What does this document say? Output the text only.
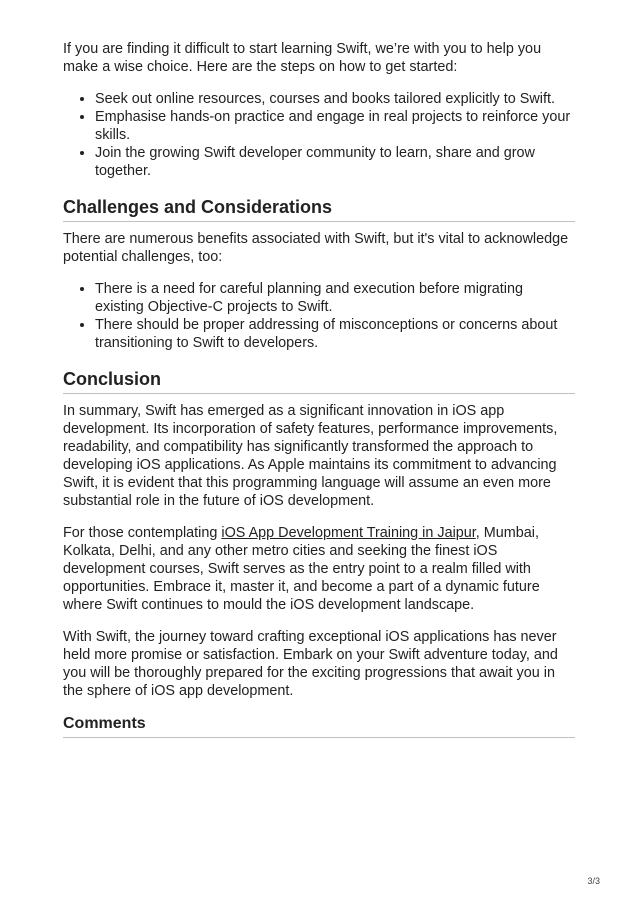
If you are finding it difficult to start learning Swift, we’re with you to help you make a wise choice. Here are the steps on how to get started:

• Seek out online resources, courses and books tailored explicitly to Swift.
• Emphasise hands-on practice and engage in real projects to reinforce your skills.
• Join the growing Swift developer community to learn, share and grow together.
Challenges and Considerations

There are numerous benefits associated with Swift, but it's vital to acknowledge potential challenges, too:

• There is a need for careful planning and execution before migrating existing Objective-C projects to Swift.
• There should be proper addressing of misconceptions or concerns about transitioning to Swift to developers.
Conclusion

In summary, Swift has emerged as a significant innovation in iOS app development. Its incorporation of safety features, performance improvements, readability, and compatibility has significantly transformed the approach to developing iOS applications. As Apple maintains its commitment to advancing Swift, it is evident that this programming language will assume an even more substantial role in the future of iOS development.

For those contemplating iOS App Development Training in Jaipur, Mumbai, Kolkata, Delhi, and any other metro cities and seeking the finest iOS development courses, Swift serves as the entry point to a realm filled with opportunities. Embrace it, master it, and become a part of a dynamic future where Swift continues to mould the iOS development landscape.

With Swift, the journey toward crafting exceptional iOS applications has never held more promise or satisfaction. Embark on your Swift adventure today, and you will be thoroughly prepared for the exciting progressions that await you in the sphere of iOS app development.

Comments
3/3
